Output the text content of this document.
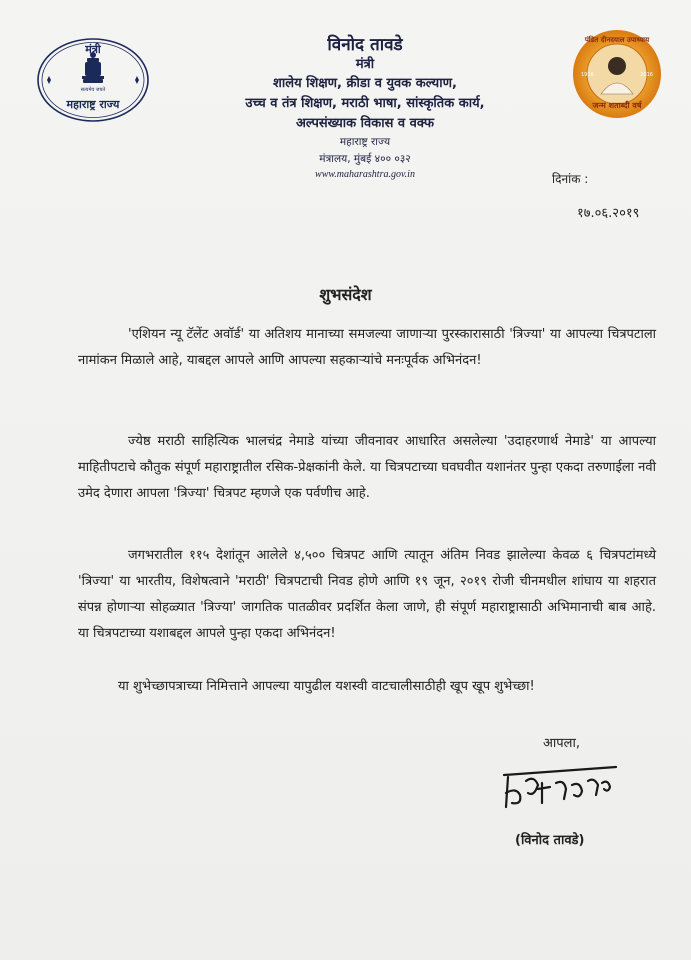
मंत्री
सत्यमेव जयते
महाराष्ट्र राज्य
विनोद तावडे
मंत्री
शालेय शिक्षण, क्रीडा व युवक कल्याण,
उच्च व तंत्र शिक्षण, मराठी भाषा, सांस्कृतिक कार्य,
अल्पसंख्याक विकास व वक्फ
महाराष्ट्र राज्य
मंत्रालय, मुंबई ४०० ०३२
www.maharashtra.gov.in
पंडित दीनदयाल उपाध्याय
1916	2016
जन्म शताब्दी वर्ष
दिनांक :
१७.०६.२०१९
शुभसंदेश
'एशियन न्यू टॅलेंट अवॉर्ड' या अतिशय मानाच्या समजल्या जाणाऱ्या पुरस्कारासाठी 'त्रिज्या' या आपल्या चित्रपटाला नामांकन मिळाले आहे, याबद्दल आपले आणि आपल्या सहकाऱ्यांचे मनःपूर्वक अभिनंदन!
ज्येष्ठ मराठी साहित्यिक भालचंद्र नेमाडे यांच्या जीवनावर आधारित असलेल्या 'उदाहरणार्थ नेमाडे' या आपल्या माहितीपटाचे कौतुक संपूर्ण महाराष्ट्रातील रसिक-प्रेक्षकांनी केले. या चित्रपटाच्या घवघवीत यशानंतर पुन्हा एकदा तरुणाईला नवी उमेद देणारा आपला 'त्रिज्या' चित्रपट म्हणजे एक पर्वणीच आहे.
जगभरातील ११५ देशांतून आलेले ४,५०० चित्रपट आणि त्यातून अंतिम निवड झालेल्या केवळ ६ चित्रपटांमध्ये 'त्रिज्या' या भारतीय, विशेषत्वाने 'मराठी' चित्रपटाची निवड होणे आणि १९ जून, २०१९ रोजी चीनमधील शांघाय या शहरात संपन्न होणाऱ्या सोहळ्यात 'त्रिज्या' जागतिक पातळीवर प्रदर्शित केला जाणे, ही संपूर्ण महाराष्ट्रासाठी अभिमानाची बाब आहे. या चित्रपटाच्या यशाबद्दल आपले पुन्हा एकदा अभिनंदन!
या शुभेच्छापत्राच्या निमित्ताने आपल्या यापुढील यशस्वी वाटचालीसाठीही खूप खूप शुभेच्छा!
आपला,
(विनोद तावडे)
